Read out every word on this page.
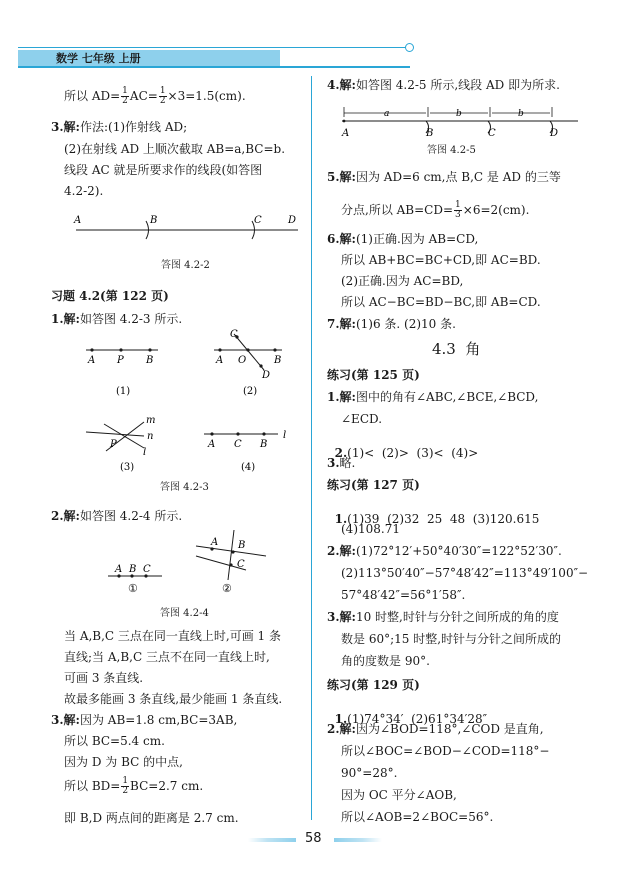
数学 七年级 上册
所以 $AD= \frac{1}{2} AC= \frac{1}{2} \times 3=1.5(cm)$.
3.解:作法:(1)作射线 AD;
(2)在射线 AD 上顺次截取 AB=a,BC=b.
线段 AC 就是所要求作的线段(如答图
4.2-2).
A	B	C	D
答图 4.2-2
习题 4.2(第 122 页)
1.解:如答图 4.2-3 所示.
A P B
(1)
C
A O	B
D
(2)
m
n
P
l
(3)
A C B
l
(4)
答图 4.2-3
2.解:如答图 4.2-4 所示.
A B C
①
A B
C
②
答图 4.2-4
当 A,B,C 三点在同一直线上时,可画 1 条
直线;当 A,B,C 三点不在同一直线上时,
可画 3 条直线.
故最多能画 3 条直线,最少能画 1 条直线.
3.解:因为 AB=1.8 cm,BC=3AB,
所以 BC=5.4 cm.
因为 D 为 BC 的中点,
所以 $BD= \frac{1}{2} BC=2.7$ cm.
即 B,D 两点间的距离是 2.7 cm.
4.解:如答图 4.2-5 所示,线段 AD 即为所求.
a	b	b
A	B	C	D
答图 4.2-5
5.解:因为 AD=6 cm,点 B,C 是 AD 的三等
分点,所以 $AB=CD= \frac{1}{3} \times 6=2(cm)$.
6.解:(1)正确.因为 AB=CD,
所以 AB+BC=BC+CD,即 AC=BD.
(2)正确.因为 AC=BD,
所以 AC−BC=BD−BC,即 AB=CD.
7.解:(1)6 条. (2)10 条.
4.3  角
练习(第 125 页)
1.解:图中的角有∠ABC,∠BCE,∠BCD,
∠ECD.

2.(1)<  (2)>  (3)<  (4)>

3.略.
练习(第 127 页)

1.(1)39  (2)32  25  48  (3)120.615

(4)108.71
2.解:(1)72°12′+50°40′30″=122°52′30″.
(2)113°50′40″−57°48′42″=113°49′100″−
57°48′42″=56°1′58″.
3.解:10 时整,时针与分针之间所成的角的度
数是 60°;15 时整,时针与分针之间所成的
角的度数是 90°.
练习(第 129 页)

1.(1)74°34′  (2)61°34′28″

2.解:因为∠BOD=118°,∠COD 是直角,
所以∠BOC=∠BOD−∠COD=118°−
90°=28°.
因为 OC 平分∠AOB,
所以∠AOB=2∠BOC=56°.
58
